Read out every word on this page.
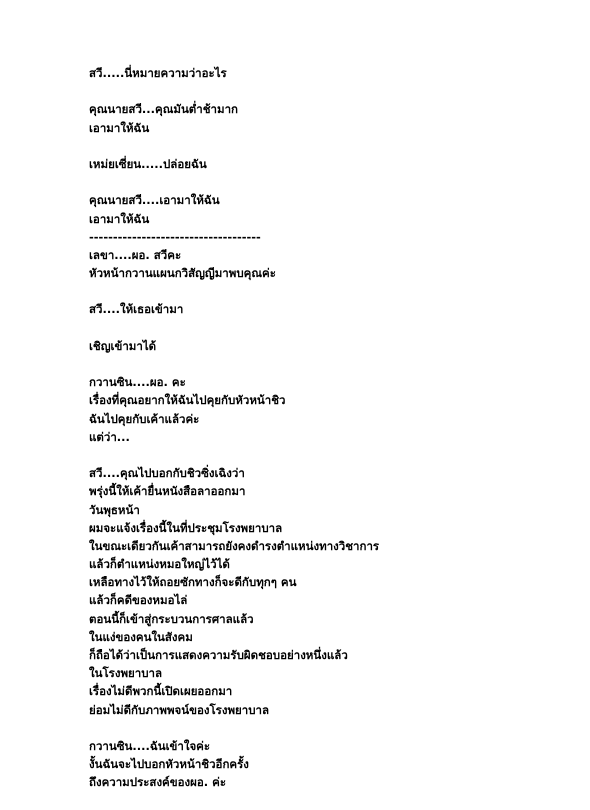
สวี.....นี่หมายความว่าอะไร
คุณนายสวี...คุณมันต่ำช้ามาก
เอามาให้ฉัน
เหม่ยเซี่ยน.....ปล่อยฉัน
คุณนายสวี....เอามาให้ฉัน
เอามาให้ฉัน
------------------------------------
เลขา....ผอ. สวีคะ
หัวหน้ากวานแผนกวิสัญญีมาพบคุณค่ะ
สวี....ให้เธอเข้ามา
เชิญเข้ามาได้
กวานซิน....ผอ. คะ
เรื่องที่คุณอยากให้ฉันไปคุยกับหัวหน้าชิว
ฉันไปคุยกับเค้าแล้วค่ะ
แต่ว่า...
สวี....คุณไปบอกกับชิวซิ่งเฉิงว่า
พรุ่งนี้ให้เค้ายื่นหนังสือลาออกมา
วันพุธหน้า
ผมจะแจ้งเรื่องนี้ในที่ประชุมโรงพยาบาล
ในขณะเดียวกันเค้าสามารถยังคงดำรงตำแหน่งทางวิชาการ
แล้วก็ตำแหน่งหมอใหญ่ไว้ได้
เหลือทางไว้ให้ถอยซักทางก็จะดีกับทุกๆ คน
แล้วก็คดีของหมอไล่
ตอนนี้ก็เข้าสู่กระบวนการศาลแล้ว
ในแง่ของคนในสังคม
ก็ถือได้ว่าเป็นการแสดงความรับผิดชอบอย่างหนึ่งแล้ว
ในโรงพยาบาล
เรื่องไม่ดีพวกนี้เปิดเผยออกมา
ย่อมไม่ดีกับภาพพจน์ของโรงพยาบาล
กวานซิน....ฉันเข้าใจค่ะ
งั้นฉันจะไปบอกหัวหน้าชิวอีกครั้ง
ถึงความประสงค์ของผอ. ค่ะ
